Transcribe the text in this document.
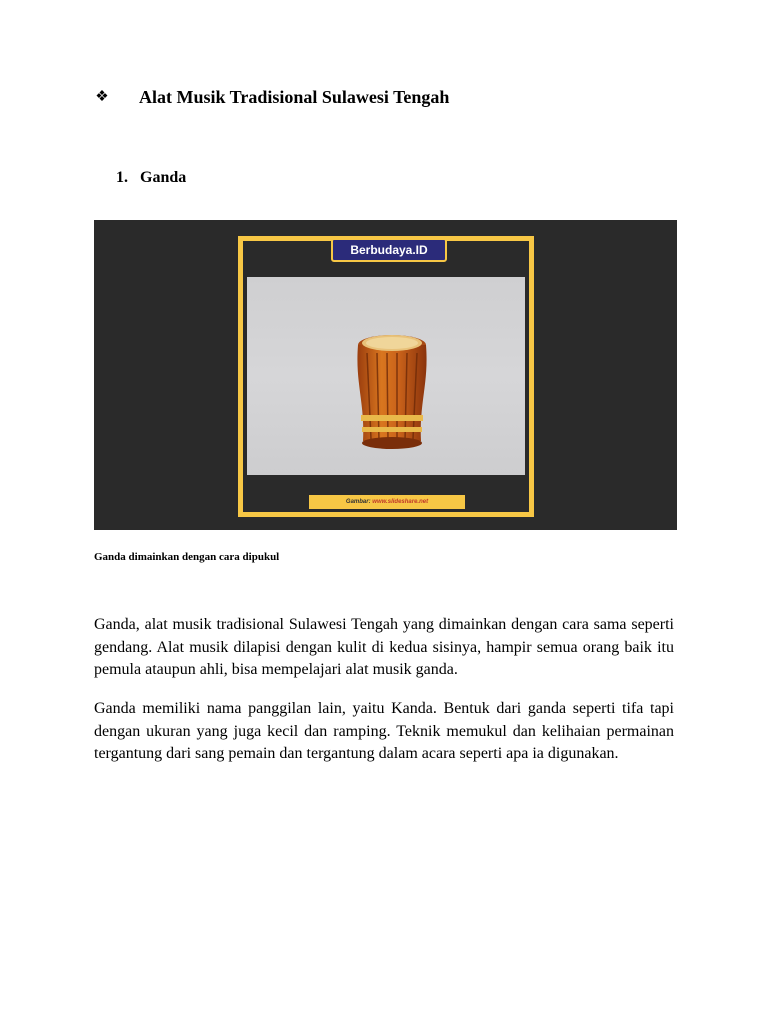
❖ Alat Musik Tradisional Sulawesi Tengah
1. Ganda
Berbudaya.ID
Gambar: www.slideshare.net
Ganda dimainkan dengan cara dipukul

Ganda, alat musik tradisional Sulawesi Tengah yang dimainkan dengan cara sama seperti gendang. Alat musik dilapisi dengan kulit di kedua sisinya, hampir semua orang baik itu pemula ataupun ahli, bisa mempelajari alat musik ganda.

Ganda memiliki nama panggilan lain, yaitu Kanda. Bentuk dari ganda seperti tifa tapi dengan ukuran yang juga kecil dan ramping. Teknik memukul dan kelihaian permainan tergantung dari sang pemain dan tergantung dalam acara seperti apa ia digunakan.
